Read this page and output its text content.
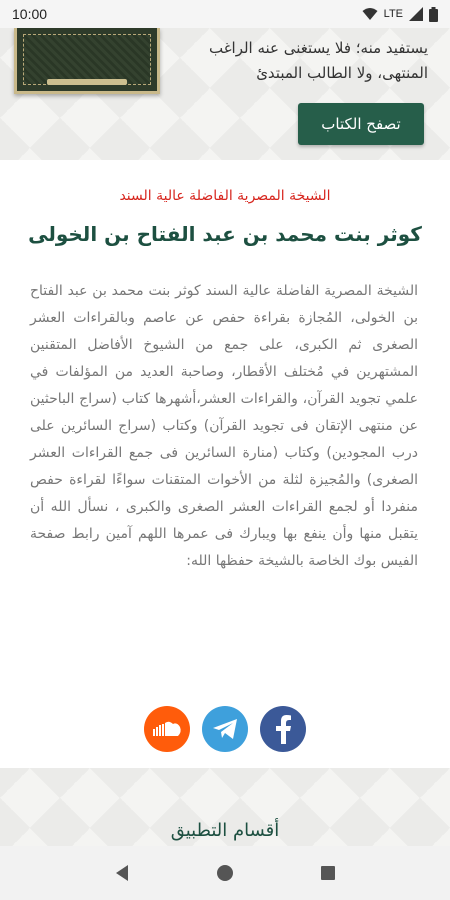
10:00	LTE
يستفيد منه؛ فلا يستغنى عنه الراغب المنتهى، ولا الطالب المبتدئ
تصفح الكتاب
الشيخة المصرية الفاضلة عالية السند
كوثر بنت محمد بن عبد الفتاح بن الخولى

الشيخة المصرية الفاضلة عالية السند كوثر بنت محمد بن عبد الفتاح بن الخولى، المُجازة بقراءة حفص عن عاصم وبالقراءات العشر الصغرى ثم الكبرى، على جمع من الشيوخ الأفاضل المتقنين المشتهرين في مُختلف الأقطار، وصاحبة العديد من المؤلفات في علمي تجويد القرآن، والقراءات العشر،أشهرها كتاب (سراج الباحثين عن منتهى الإتقان فى تجويد القرآن) وكتاب (سراج السائرين على درب المجودين) وكتاب (منارة السائرين فى جمع القراءات العشر الصغرى) والمُجيزة لثلة من الأخوات المتقنات سواءًا لقراءة حفص منفردا أو لجمع القراءات العشر الصغرى والكبرى ، نسأل الله أن يتقبل منها وأن ينفع بها ويبارك فى عمرها اللهم آمين رابط صفحة الفيس بوك الخاصة بالشيخة حفظها الله:

أقسام التطبيق
